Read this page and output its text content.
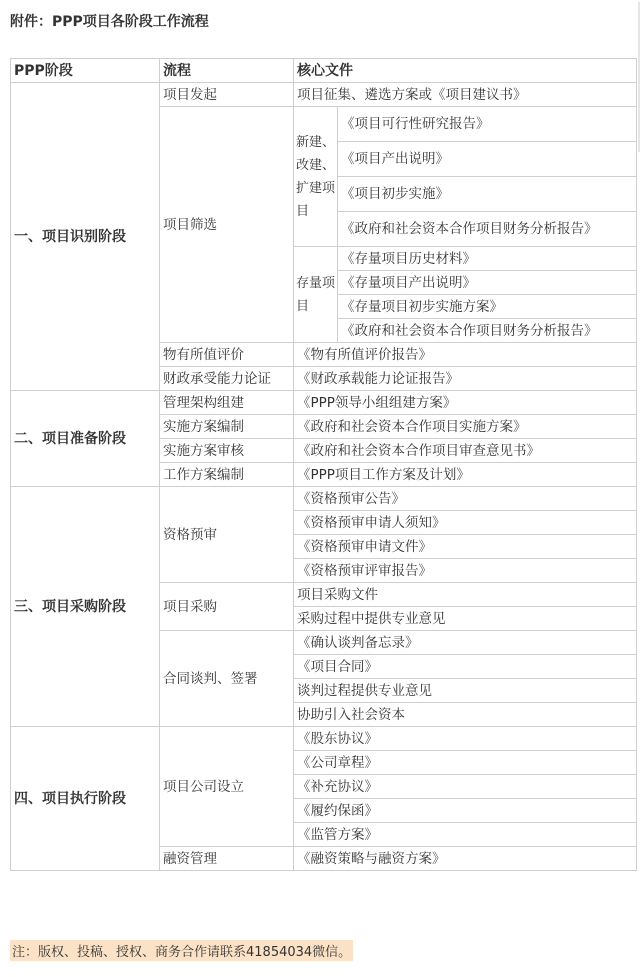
附件：PPP项目各阶段工作流程
PPP阶段	流程	核心文件	
一、项目识别阶段	项目发起	项目征集、遴选方案或《项目建议书》	
	项目筛选	新建、改建、扩建项目	《项目可行性研究报告》
			《项目产出说明》
			《项目初步实施》
			《政府和社会资本合作项目财务分析报告》
		存量项目	《存量项目历史材料》
			《存量项目产出说明》
			《存量项目初步实施方案》
			《政府和社会资本合作项目财务分析报告》
	物有所值评价	《物有所值评价报告》	
	财政承受能力论证	《财政承载能力论证报告》	
二、项目准备阶段	管理架构组建	《PPP领导小组组建方案》	
	实施方案编制	《政府和社会资本合作项目实施方案》	
	实施方案审核	《政府和社会资本合作项目审查意见书》	
	工作方案编制	《PPP项目工作方案及计划》	
三、项目采购阶段	资格预审	《资格预审公告》	
		《资格预审申请人须知》	
		《资格预审申请文件》	
		《资格预审评审报告》	
	项目采购	项目采购文件	
		采购过程中提供专业意见	
	合同谈判、签署	《确认谈判备忘录》	
		《项目合同》	
		谈判过程提供专业意见	
		协助引入社会资本	
四、项目执行阶段	项目公司设立	《股东协议》	
		《公司章程》	
		《补充协议》	
		《履约保函》	
		《监管方案》	
	融资管理	《融资策略与融资方案》	
注：版权、投稿、授权、商务合作请联系41854034微信。
